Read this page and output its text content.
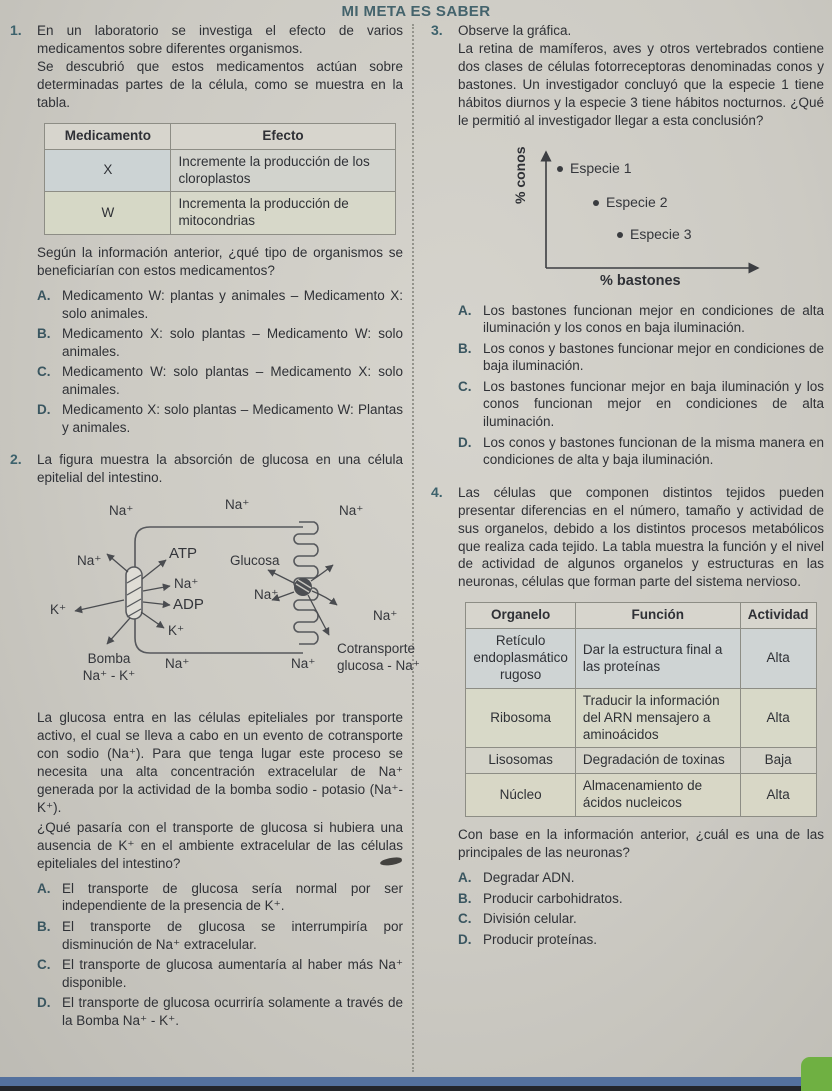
MI META ES SABER
1.	En un laboratorio se investiga el efecto de varios medicamentos sobre diferentes organismos.

Se descubrió que estos medicamentos actúan sobre determinadas partes de la célula, como se muestra en la tabla.

Medicamento	Efecto
X	Incremente la producción de los cloroplastos
W	Incrementa la producción de mitocondrias

Según la información anterior, ¿qué tipo de organismos se beneficiarían con estos medicamentos?

A. Medicamento W: plantas y animales – Medicamento X: solo animales.
B. Medicamento X: solo plantas – Medicamento W: solo animales.
C. Medicamento W: solo plantas – Medicamento X: solo animales.
D. Medicamento X: solo plantas – Medicamento W: Plantas y animales.
2.	La figura muestra la absorción de glucosa en una célula epitelial del intestino.

Na⁺	Na⁺	Na⁺
Na⁺
K⁺
ATP
Na⁺
ADP
K⁺
Bomba
Na⁺ - K⁺
Na⁺
Glucosa
Na⁺
Na⁺
Na⁺
Cotransporte
glucosa - Na⁺

La glucosa entra en las células epiteliales por transporte activo, el cual se lleva a cabo en un evento de cotransporte con sodio (Na⁺). Para que tenga lugar este proceso se necesita una alta concentración extracelular de Na⁺ generada por la actividad de la bomba sodio - potasio (Na⁺- K⁺).

¿Qué pasaría con el transporte de glucosa si hubiera una ausencia de K⁺ en el ambiente extracelular de las células epiteliales del intestino?

A. El transporte de glucosa sería normal por ser independiente de la presencia de K⁺.
B. El transporte de glucosa se interrumpiría por disminución de Na⁺ extracelular.
C. El transporte de glucosa aumentaría al haber más Na⁺ disponible.
D. El transporte de glucosa ocurriría solamente a través de la Bomba Na⁺ - K⁺.
3.	Observe la gráfica.

La retina de mamíferos, aves y otros vertebrados contiene dos clases de células fotorreceptoras denominadas conos y bastones. Un investigador concluyó que la especie 1 tiene hábitos diurnos y la especie 3 tiene hábitos nocturnos. ¿Qué le permitió al investigador llegar a esta conclusión?

% conos
% bastones
Especie 1
Especie 2
Especie 3
A. Los bastones funcionan mejor en condiciones de alta iluminación y los conos en baja iluminación.
B. Los conos y bastones funcionar mejor en condiciones de baja iluminación.
C. Los bastones funcionar mejor en baja iluminación y los conos funcionan mejor en condiciones de alta iluminación.
D. Los conos y bastones funcionan de la misma manera en condiciones de alta y baja iluminación.
4.	Las células que componen distintos tejidos pueden presentar diferencias en el número, tamaño y actividad de sus organelos, debido a los distintos procesos metabólicos que realiza cada tejido. La tabla muestra la función y el nivel de actividad de algunos organelos y estructuras en las neuronas, células que forman parte del sistema nervioso.

Organelo	Función	Actividad
Retículo endoplasmático rugoso	Dar la estructura final a las proteínas	Alta
Ribosoma	Traducir la información del ARN mensajero a aminoácidos	Alta
Lisosomas	Degradación de toxinas	Baja
Núcleo	Almacenamiento de ácidos nucleicos	Alta

Con base en la información anterior, ¿cuál es una de las principales de las neuronas?

A. Degradar ADN.
B. Producir carbohidratos.
C. División celular.
D. Producir proteínas.
